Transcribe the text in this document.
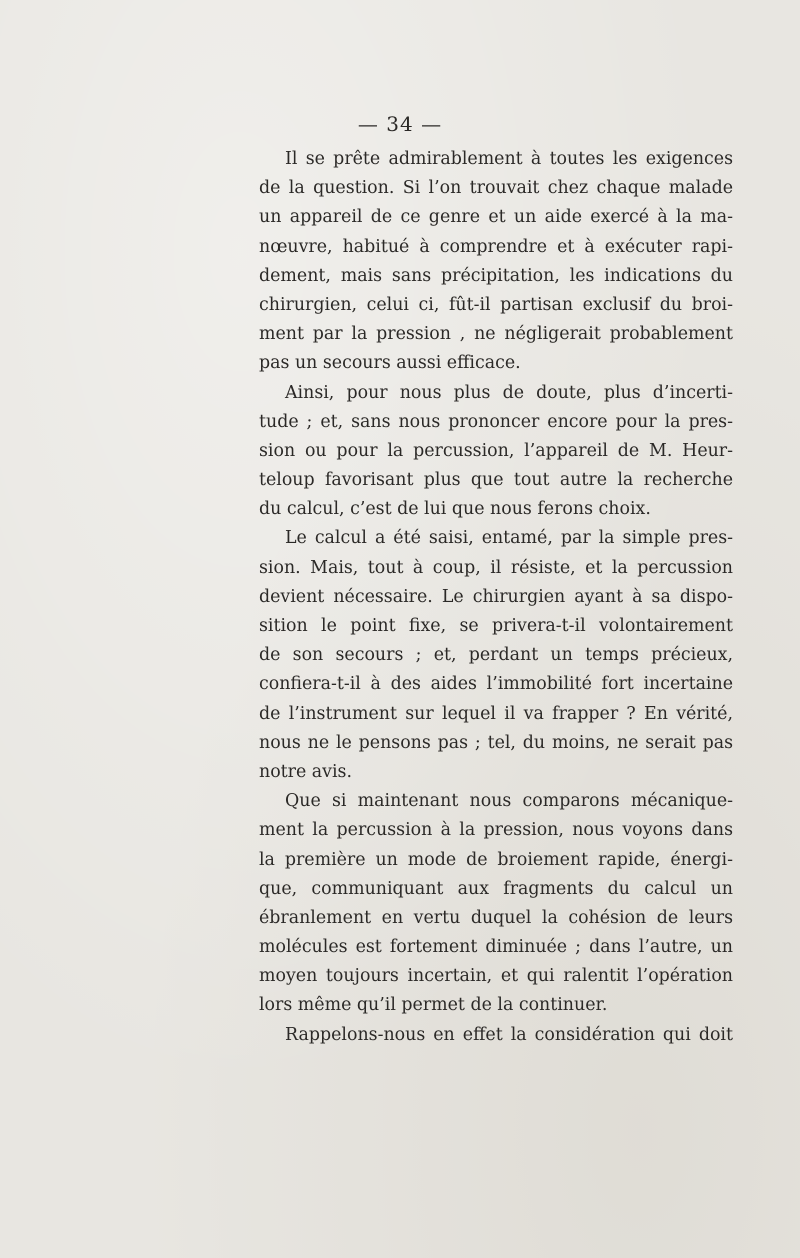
— 34 —
Il se prête admirablement à toutes les exigences
de la question. Si l’on trouvait chez chaque malade
un appareil de ce genre et un aide exercé à la ma-
nœuvre, habitué à comprendre et à exécuter rapi-
dement, mais sans précipitation, les indications du
chirurgien, celui ci, fût-il partisan exclusif du broi-
ment par la pression , ne négligerait probablement
pas un secours aussi efficace.
Ainsi, pour nous plus de doute, plus d’incerti-
tude ; et, sans nous prononcer encore pour la pres-
sion ou pour la percussion, l’appareil de M. Heur-
teloup favorisant plus que tout autre la recherche
du calcul, c’est de lui que nous ferons choix.
Le calcul a été saisi, entamé, par la simple pres-
sion. Mais, tout à coup, il résiste, et la percussion
devient nécessaire. Le chirurgien ayant à sa dispo-
sition le point fixe, se privera-t-il volontairement
de son secours ; et, perdant un temps précieux,
confiera-t-il à des aides l’immobilité fort incertaine
de l’instrument sur lequel il va frapper ? En vérité,
nous ne le pensons pas ; tel, du moins, ne serait pas
notre avis.
Que si maintenant nous comparons mécanique-
ment la percussion à la pression, nous voyons dans
la première un mode de broiement rapide, énergi-
que, communiquant aux fragments du calcul un
ébranlement en vertu duquel la cohésion de leurs
molécules est fortement diminuée ; dans l’autre, un
moyen toujours incertain, et qui ralentit l’opération
lors même qu’il permet de la continuer.
Rappelons-nous en effet la considération qui doit
